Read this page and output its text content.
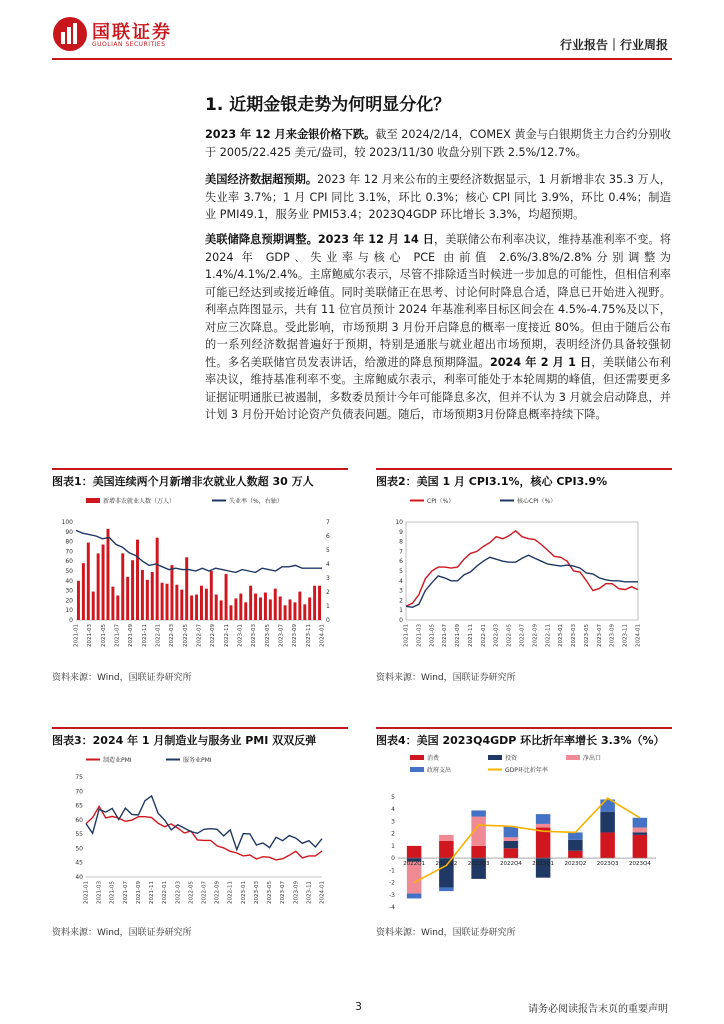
国联证券
GUOLIAN SECURITIES	行业报告｜行业周报
1. 近期金银走势为何明显分化？
2023 年 12 月来金银价格下跌。截至 2024/2/14，COMEX 黄金与白银期货主力合约分别收于 2005/22.425 美元/盎司，较 2023/11/30 收盘分别下跌 2.5%/12.7%。
美国经济数据超预期。2023 年 12 月来公布的主要经济数据显示，1 月新增非农 35.3 万人，失业率 3.7%；1 月 CPI 同比 3.1%，环比 0.3%；核心 CPI 同比 3.9%，环比 0.4%；制造业 PMI49.1，服务业 PMI53.4；2023Q4GDP 环比增长 3.3%，均超预期。
美联储降息预期调整。2023 年 12 月 14 日，美联储公布利率决议，维持基准利率不变。将 2024 年 GDP、失业率与核心 PCE 由前值 2.6%/3.8%/2.8%分别调整为 1.4%/4.1%/2.4%。主席鲍威尔表示，尽管不排除适当时候进一步加息的可能性，但相信利率可能已经达到或接近峰值。同时美联储正在思考、讨论何时降息合适，降息已开始进入视野。利率点阵图显示，共有 11 位官员预计 2024 年基准利率目标区间会在 4.5%-4.75%及以下，对应三次降息。受此影响，市场预期 3 月份开启降息的概率一度接近 80%。但由于随后公布的一系列经济数据普遍好于预期，特别是通胀与就业超出市场预期，表明经济仍具备较强韧性。多名美联储官员发表讲话，给激进的降息预期降温。2024 年 2 月 1 日，美联储公布利率决议，维持基准利率不变。主席鲍威尔表示，利率可能处于本轮周期的峰值，但还需要更多证据证明通胀已被遏制，多数委员预计今年可能降息多次，但并不认为 3 月就会启动降息，并计划 3 月份开始讨论资产负债表问题。随后，市场预期3月份降息概率持续下降。
图表1：美国连续两个月新增非农就业人数超 30 万人
新增非农就业人数（万人）	失业率（%，右轴）
0
10
20
30
40
50
60
70
80
90
100
0
1
2
3
4
5
6
7
2021-01 2021-03 2021-05 2021-07 2021-09 2021-11 2022-01 2022-03 2022-05 2022-07 2022-09 2022-11 2023-01 2023-03 2023-05 2023-07 2023-09 2023-11 2024-01
资料来源：Wind，国联证券研究所
图表2：美国 1 月 CPI3.1%，核心 CPI3.9%
CPI（%）	核心CPI（%）
0
1
2
3
4
5
6
7
8
9
10
2021-01 2021-03 2021-05 2021-07 2021-09 2021-11 2022-01 2022-03 2022-05 2022-07 2022-09 2022-11 2023-01 2023-03 2023-05 2023-07 2023-09 2023-11 2024-01
资料来源：Wind，国联证券研究所
图表3：2024 年 1 月制造业与服务业 PMI 双双反弹
制造业PMI	服务业PMI
40
45
50
55
60
65
70
75
2021-01 2021-03 2021-05 2021-07 2021-09 2021-11 2022-01 2022-03 2022-05 2022-07 2022-09 2022-11 2023-01 2023-03 2023-05 2023-07 2023-09 2023-11 2024-01
资料来源：Wind，国联证券研究所
图表4：美国 2023Q4GDP 环比折年率增长 3.3%（%）
消费	投资	净出口
政府支出	GDP环比折年率
-4
-3
-2
-1
0
1
2
3
4
5
2022Q1 2022Q2 2022Q3 2022Q4 2023Q1 2023Q2 2023Q3 2023Q4
资料来源：Wind，国联证券研究所
3	请务必阅读报告末页的重要声明
